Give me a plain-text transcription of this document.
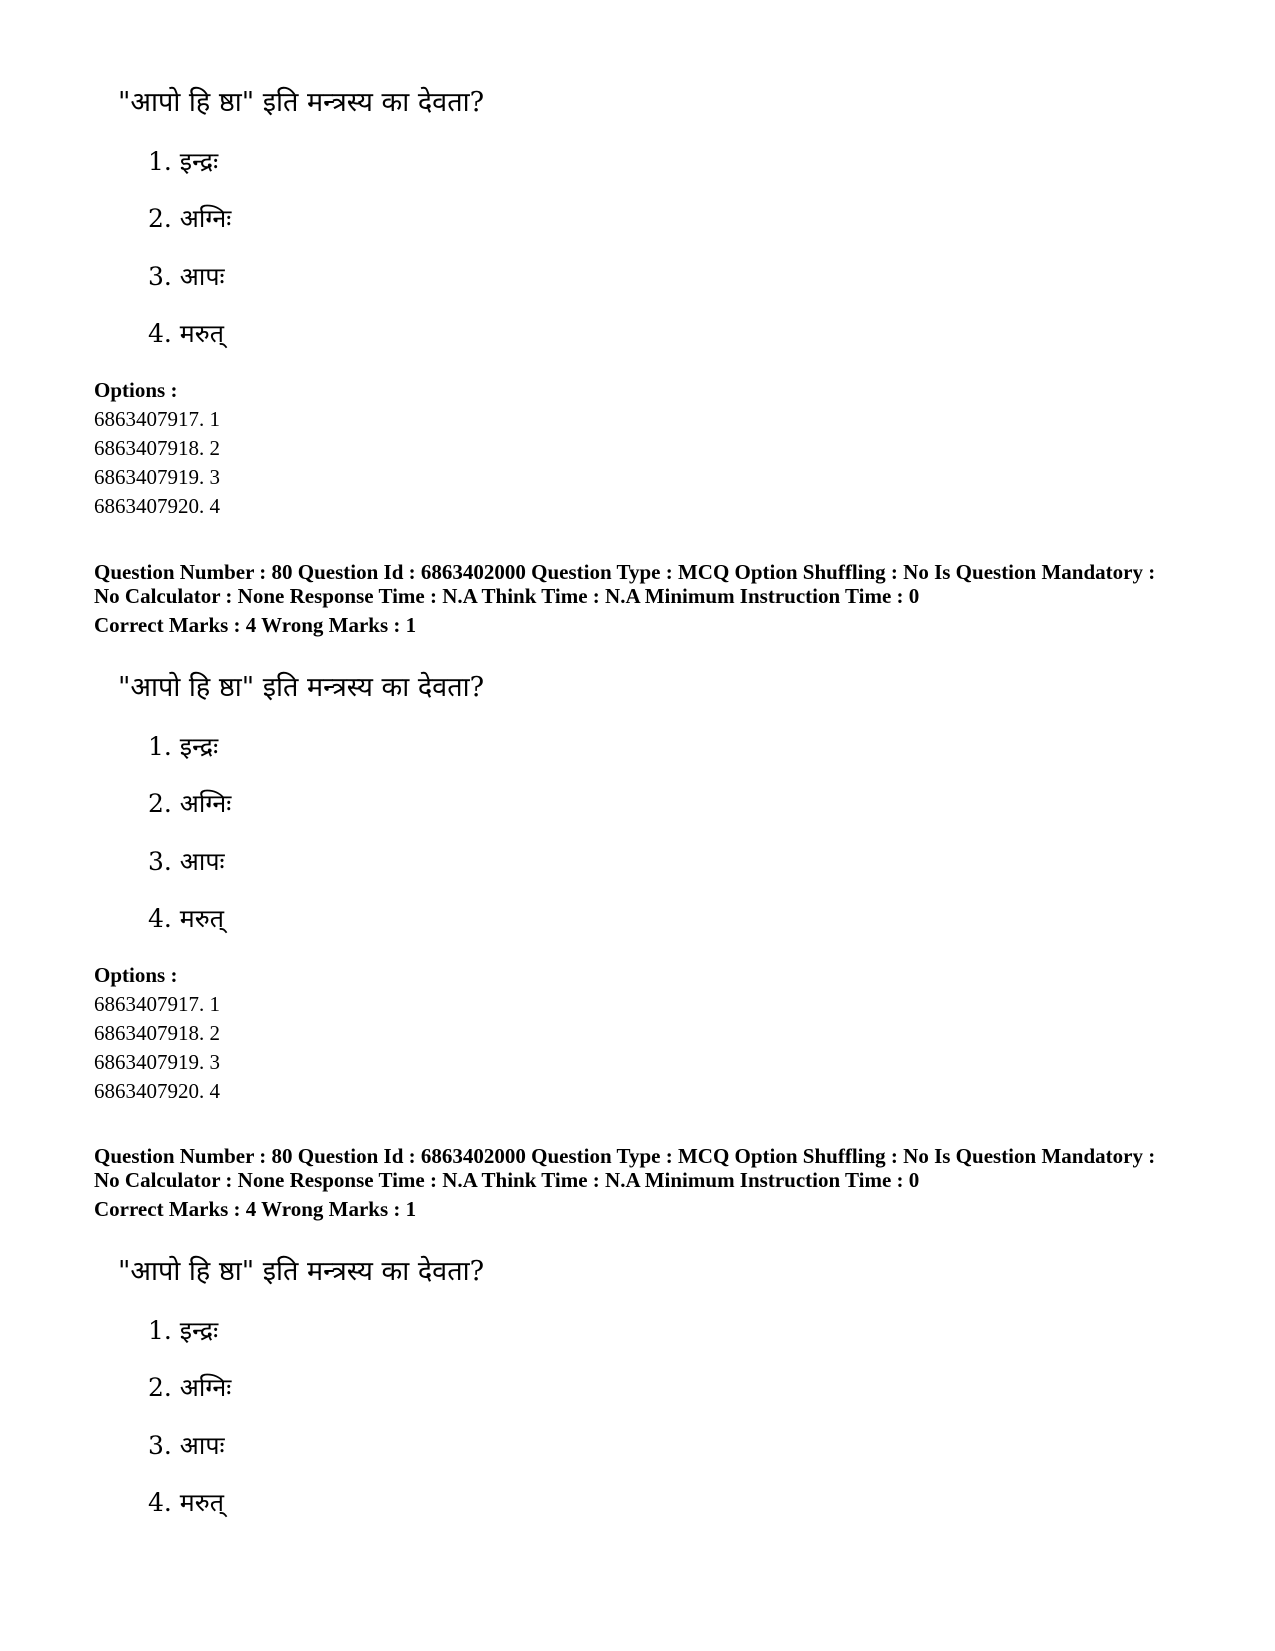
"आपो हि ष्ठा" इति मन्त्रस्य का देवता?
1. इन्द्रः
2. अग्निः
3. आपः
4. मरुत्
Options :
6863407917. 1
6863407918. 2
6863407919. 3
6863407920. 4
Question Number : 80 Question Id : 6863402000 Question Type : MCQ Option Shuffling : No Is Question Mandatory :
No Calculator : None Response Time : N.A Think Time : N.A Minimum Instruction Time : 0
Correct Marks : 4 Wrong Marks : 1
"आपो हि ष्ठा" इति मन्त्रस्य का देवता?
1. इन्द्रः
2. अग्निः
3. आपः
4. मरुत्
Options :
6863407917. 1
6863407918. 2
6863407919. 3
6863407920. 4
Question Number : 80 Question Id : 6863402000 Question Type : MCQ Option Shuffling : No Is Question Mandatory :
No Calculator : None Response Time : N.A Think Time : N.A Minimum Instruction Time : 0
Correct Marks : 4 Wrong Marks : 1
"आपो हि ष्ठा" इति मन्त्रस्य का देवता?
1. इन्द्रः
2. अग्निः
3. आपः
4. मरुत्
